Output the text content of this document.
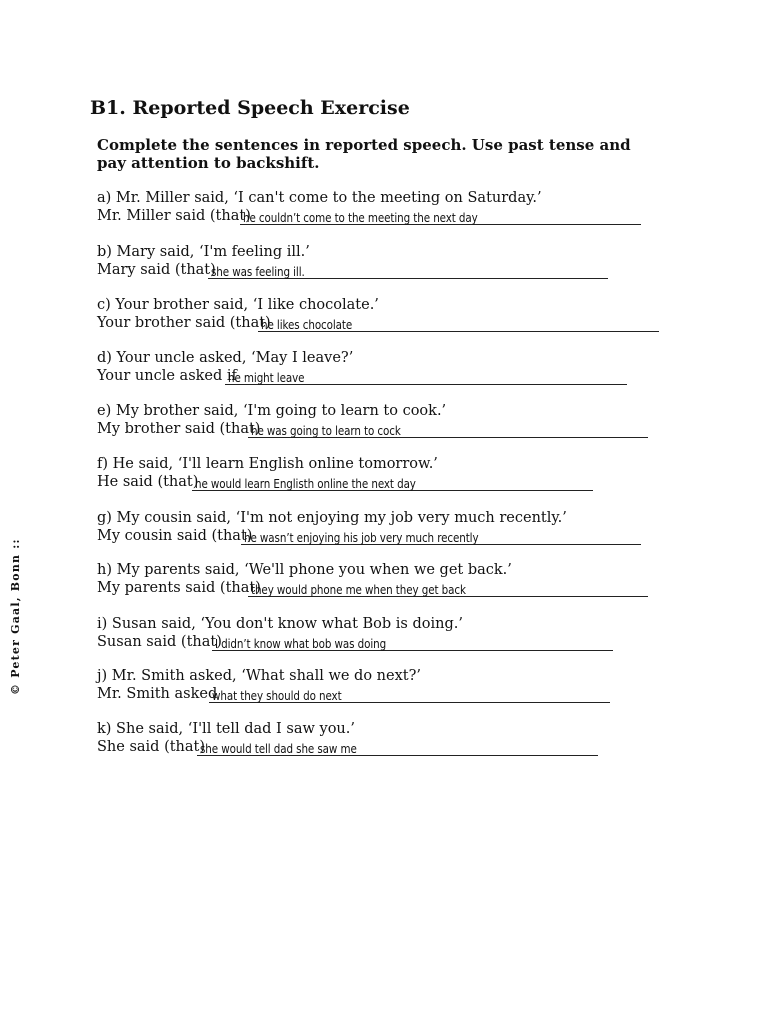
B1. Reported Speech Exercise
Complete the sentences in reported speech. Use past tense and pay attention to backshift.
a) Mr. Miller said, ‘I can't come to the meeting on Saturday.’
Mr. Miller said (that)
he couldn’t come to the meeting the next day
b) Mary said, ‘I'm feeling ill.’
Mary said (that)
she was feeling ill.
c) Your brother said, ‘I like chocolate.’
Your brother said (that)
he likes chocolate
d) Your uncle asked, ‘May I leave?’
Your uncle asked if
he might leave
e) My brother said, ‘I'm going to learn to cook.’
My brother said (that)
he was going to learn to cock
f) He said, ‘I'll learn English online tomorrow.’
He said (that)
he would learn Englisth online the next day
g) My cousin said, ‘I'm not enjoying my job very much recently.’
My cousin said (that)
he wasn’t enjoying his job very much recently
h) My parents said, ‘We'll phone you when we get back.’
My parents said (that)
they would phone me when they get back
i) Susan said, ‘You don't know what Bob is doing.’
Susan said (that)
I didn’t know what bob was doing
j) Mr. Smith asked, ‘What shall we do next?’
Mr. Smith asked
what they should do next
k) She said, ‘I'll tell dad I saw you.’
She said (that)
she would tell dad she saw me
© Peter Gaal, Bonn ::
